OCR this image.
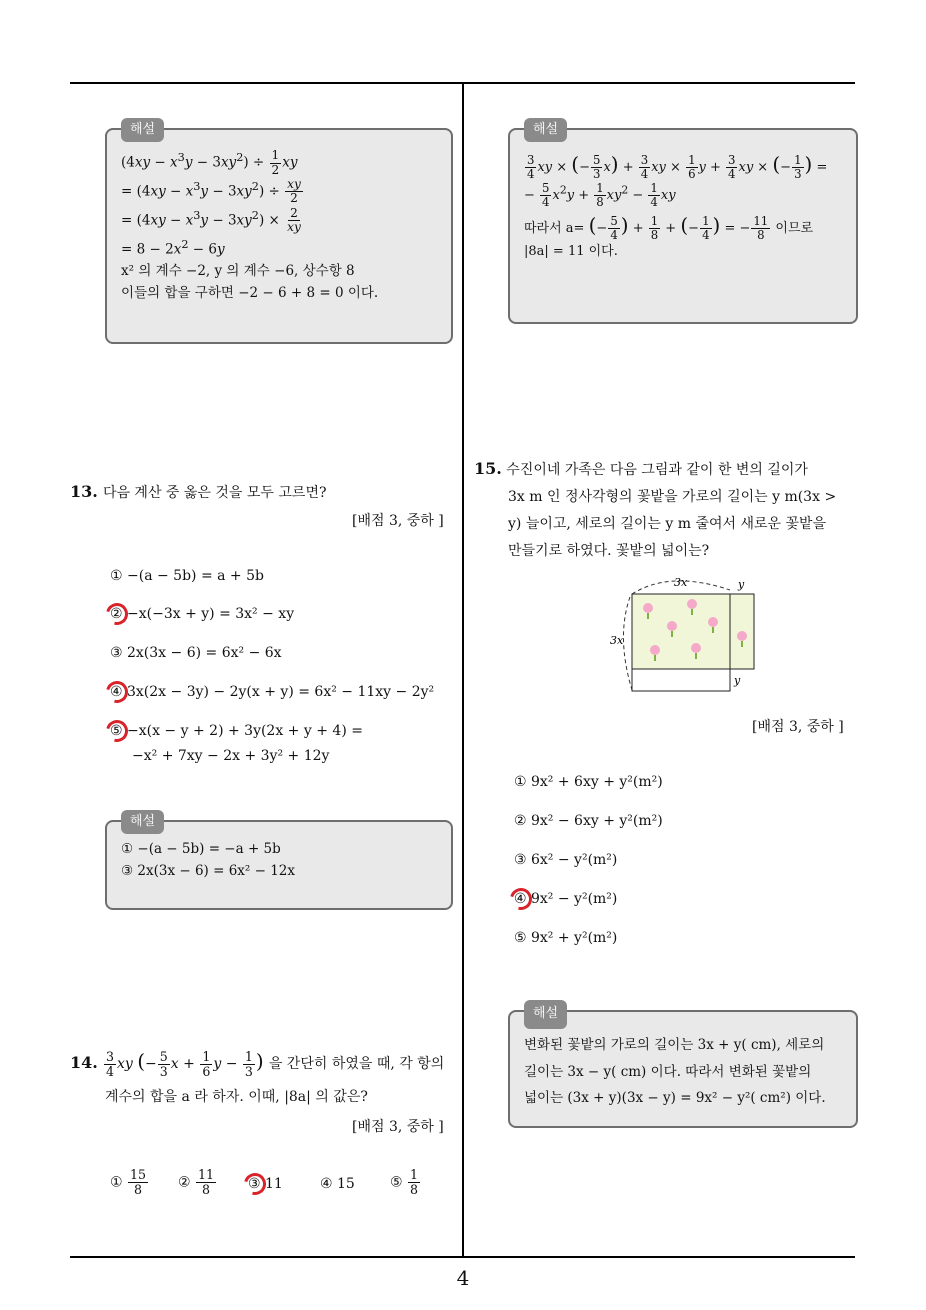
해설
$(4xy - x^3y - 3xy^2) \div \frac{1}{2}$ xy
= $(4xy - x^3y - 3xy^2) \div \frac{xy}{2}$
= $(4xy - x^3y - 3xy^2) \times \frac{2}{xy}$
= $8 - 2x^2 - 6y$
x² 의 계수 −2, y 의 계수 −6, 상수항 8
이들의 합을 구하면 −2 − 6 + 8 = 0 이다.
13. 다음 계산 중 옳은 것을 모두 고르면?
[배점 3, 중하 ]
① −(a − 5b) = a + 5b
② −x(−3x + y) = 3x² − xy
③ 2x(3x − 6) = 6x² − 6x
④ 3x(2x − 3y) − 2y(x + y) = 6x² − 11xy − 2y²
⑤ −x(x − y + 2) + 3y(2x + y + 4) =
−x² + 7xy − 2x + 3y² + 12y
해설
① −(a − 5b) = −a + 5b
③ 2x(3x − 6) = 6x² − 12x
14. $\frac{3}{4}$ xy (− $\frac{5}{3}$ $x + \frac{1}{6}$ $y - \frac{1}{3}$ ) 을 간단히 하였을 때, 각 항의
계수의 합을 a 라 하자. 이때, |8a| 의 값은?
[배점 3, 중하 ]
① $\frac{15}{8}$ ② $\frac{11}{8}$ ③ 11	④ 15	⑤ $\frac{1}{8}$
해설
$\frac{3}{4}$ xy × (− $\frac{5}{3} x) + \frac{3}{4}$ xy × $\frac{1}{6}$ $y + \frac{3}{4}$ xy × (− $\frac{1}{3}$ ) =
− $\frac{5}{4} x^2y + \frac{1}{8} xy^2 - \frac{1}{4}$ xy
따라서 a= (− $\frac{5}{4}$ ) + $\frac{1}{8}$ + (− $\frac{1}{4}$ ) = − $\frac{11}{8}$ 이므로
|8a| = 11 이다.
15. 수진이네 가족은 다음 그림과 같이 한 변의 길이가
3x m 인 정사각형의 꽃밭을 가로의 길이는 y m(3x >
y) 늘이고, 세로의 길이는 y m 줄여서 새로운 꽃밭을
만들기로 하였다. 꽃밭의 넓이는?
3x	y
3x
y
[배점 3, 중하 ]
① 9x² + 6xy + y²(m²)
② 9x² − 6xy + y²(m²)
③ 6x² − y²(m²)
④ 9x² − y²(m²)
⑤ 9x² + y²(m²)
해설
변화된 꽃밭의 가로의 길이는 3x + y( cm), 세로의
길이는 3x − y( cm) 이다. 따라서 변화된 꽃밭의
넓이는 (3x + y)(3x − y) = 9x² − y²( cm²) 이다.
4
